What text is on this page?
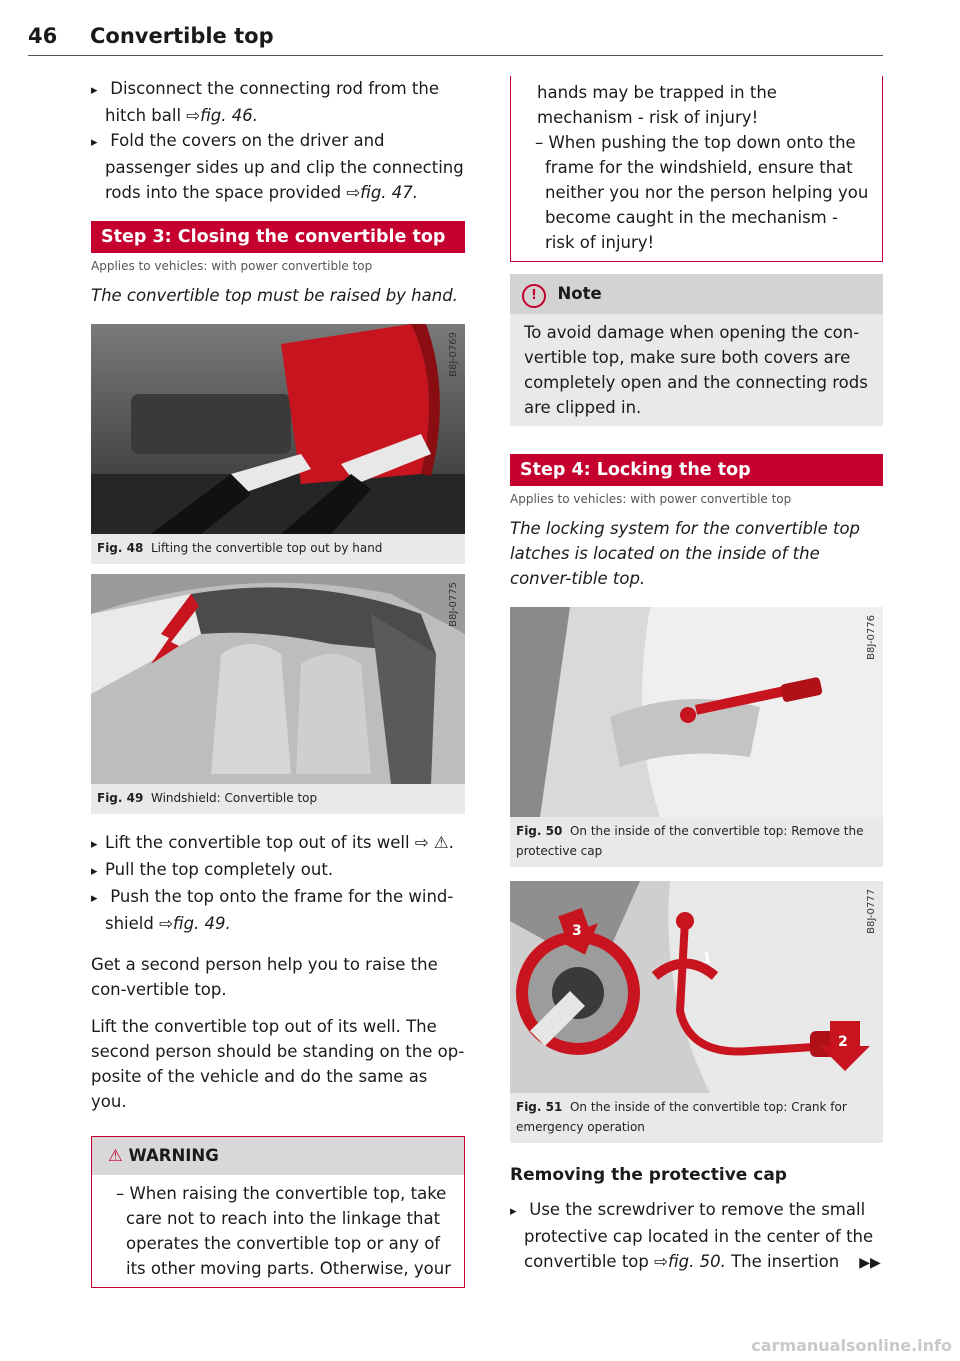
46 Convertible top

▸ Disconnect the connecting rod from the hitch ball ⇨fig. 46.

▸ Fold the covers on the driver and passenger sides up and clip the connecting rods into the space provided ⇨fig. 47.

Step 3: Closing the convertible top
Applies to vehicles: with power convertible top
The convertible top must be raised by hand.
B8J-0769
Fig. 48 Lifting the convertible top out by hand
B8J-0775
Fig. 49 Windshield: Convertible top

▸ Lift the convertible top out of its well ⇨ ⚠.

▸ Pull the top completely out.

▸ Push the top onto the frame for the wind-shield ⇨fig. 49.

Get a second person help you to raise the con-vertible top.

Lift the convertible top out of its well. The second person should be standing on the op-posite of the vehicle and do the same as you.

⚠ WARNING

– When raising the convertible top, take care not to reach into the linkage that operates the convertible top or any of its other moving parts. Otherwise, your

hands may be trapped in the mechanism - risk of injury!

– When pushing the top down onto the frame for the windshield, ensure that neither you nor the person helping you become caught in the mechanism - risk of injury!

! Note

To avoid damage when opening the con-vertible top, make sure both covers are completely open and the connecting rods are clipped in.

Step 4: Locking the top
Applies to vehicles: with power convertible top
The locking system for the convertible top latches is located on the inside of the conver-tible top.
B8J-0776
Fig. 50 On the inside of the convertible top: Remove the protective cap
1
2
3	B8J-0777
Fig. 51 On the inside of the convertible top: Crank for emergency operation
Removing the protective cap

▸ Use the screwdriver to remove the small protective cap located in the center of the convertible top ⇨fig. 50. The insertion ▶▶

carmanualsonline.info
